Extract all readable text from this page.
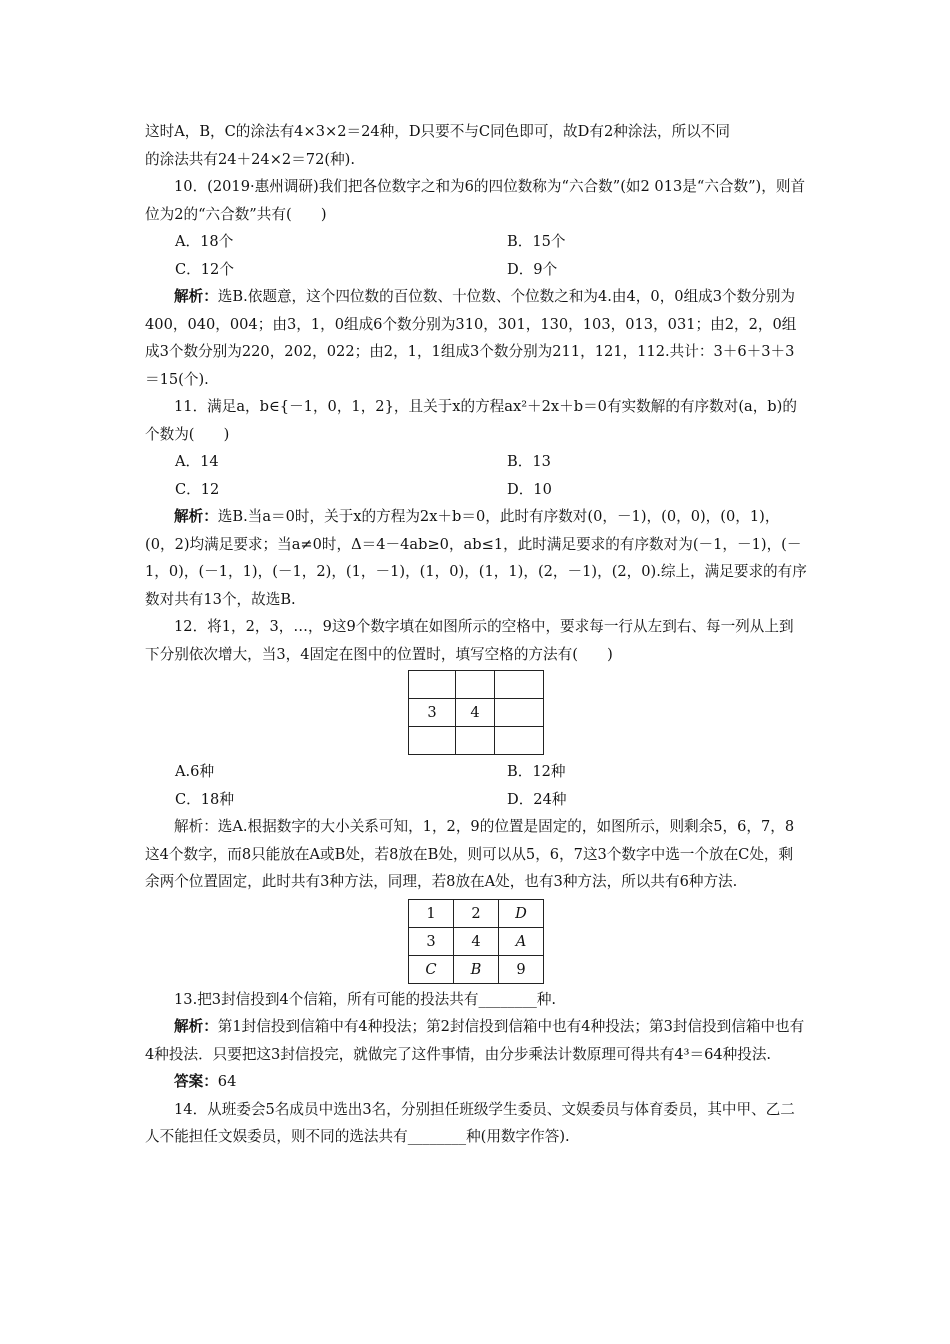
这时A，B，C的涂法有4×3×2＝24种，D只要不与C同色即可，故D有2种涂法，所以不同

的涂法共有24＋24×2＝72(种).

10．(2019·惠州调研)我们把各位数字之和为6的四位数称为“六合数”(如2 013是“六合数”)，则首位为2的“六合数”共有(　　)

A．18个	B．15个
C．12个	D．9个

解析：选B.依题意，这个四位数的百位数、十位数、个位数之和为4.由4，0，0组成3个数分别为400，040，004；由3，1，0组成6个数分别为310，301，130，103，013，031；由2，2，0组成3个数分别为220，202，022；由2，1，1组成3个数分别为211，121，112.共计：3＋6＋3＋3＝15(个).

11．满足a，b∈{－1，0，1，2}，且关于x的方程ax²＋2x＋b＝0有实数解的有序数对(a，b)的个数为(　　)

A．14	B．13
C．12	D．10

解析：选B.当a＝0时，关于x的方程为2x＋b＝0，此时有序数对(0，－1)，(0，0)，(0，1)，(0，2)均满足要求；当a≠0时，Δ＝4－4ab≥0，ab≤1，此时满足要求的有序数对为(－1，－1)，(－1，0)，(－1，1)，(－1，2)，(1，－1)，(1，0)，(1，1)，(2，－1)，(2，0).综上，满足要求的有序数对共有13个，故选B.

12．将1，2，3，…，9这9个数字填在如图所示的空格中，要求每一行从左到右、每一列从上到下分别依次增大，当3，4固定在图中的位置时，填写空格的方法有(　　)

3	4	

A.6种	B．12种
C．18种	D．24种

解析：选A.根据数字的大小关系可知，1，2，9的位置是固定的，如图所示，则剩余5，6，7，8这4个数字，而8只能放在A或B处，若8放在B处，则可以从5，6，7这3个数字中选一个放在C处，剩余两个位置固定，此时共有3种方法，同理，若8放在A处，也有3种方法，所以共有6种方法.

1	2	D
3	4	A
C	B	9

13.把3封信投到4个信箱，所有可能的投法共有________种.

解析：第1封信投到信箱中有4种投法；第2封信投到信箱中也有4种投法；第3封信投到信箱中也有4种投法．只要把这3封信投完，就做完了这件事情，由分步乘法计数原理可得共有4³＝64种投法.

答案：64

14．从班委会5名成员中选出3名，分别担任班级学生委员、文娱委员与体育委员，其中甲、乙二人不能担任文娱委员，则不同的选法共有________种(用数字作答).
